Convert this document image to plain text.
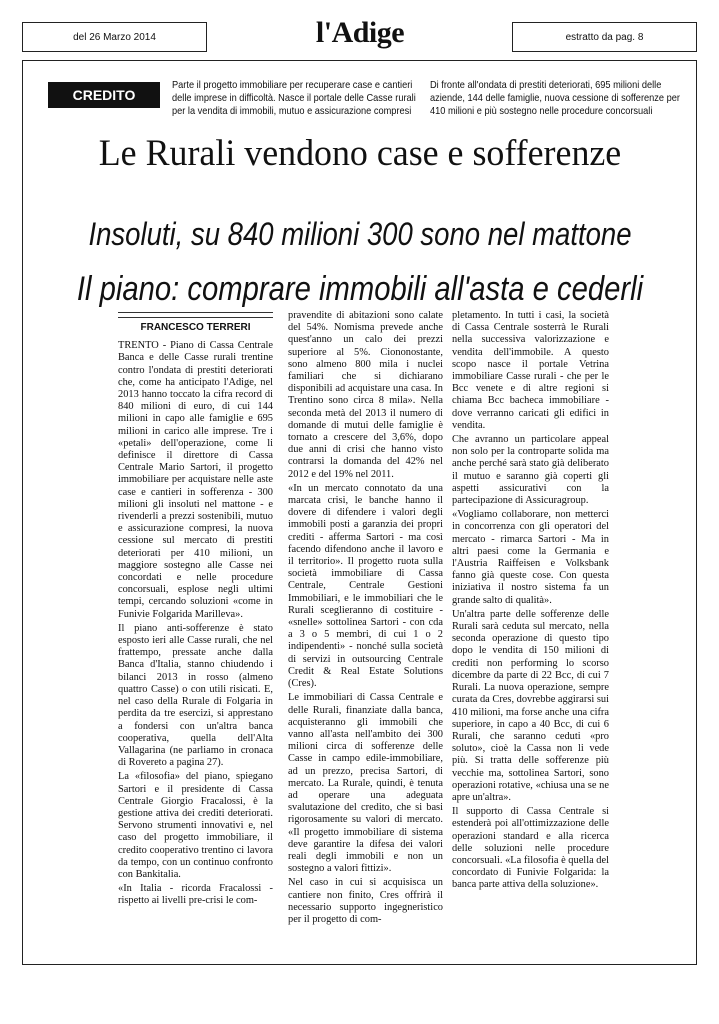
del 26 Marzo 2014	l'Adige	estratto da pag. 8
CREDITO
Parte il progetto immobiliare per recuperare case e cantieri delle imprese in difficoltà. Nasce il portale delle Casse rurali per la vendita di immobili, mutuo e assicurazione compresi
Di fronte all'ondata di prestiti deteriorati, 695 milioni delle aziende, 144 delle famiglie, nuova cessione di sofferenze per 410 milioni e più sostegno nelle procedure concorsuali
Le Rurali vendono case e sofferenze
Insoluti, su 840 milioni 300 sono nel mattone
Il piano: comprare immobili all'asta e cederli
FRANCESCO TERRERI

TRENTO - Piano di Cassa Centrale Banca e delle Casse rurali trentine contro l'ondata di prestiti deteriorati che, come ha anticipato l'Adige, nel 2013 hanno toccato la cifra record di 840 milioni di euro, di cui 144 milioni in capo alle famiglie e 695 milioni in carico alle imprese. Tre i «petali» dell'operazione, come li definisce il direttore di Cassa Centrale Mario Sartori, il progetto immobiliare per acquistare nelle aste case e cantieri in sofferenza - 300 milioni gli insoluti nel mattone - e rivenderli a prezzi sostenibili, mutuo e assicurazione compresi, la nuova cessione sul mercato di prestiti deteriorati per 410 milioni, un maggiore sostegno alle Casse nei concordati e nelle procedure concorsuali, esplose negli ultimi tempi, cercando soluzioni «come in Funivie Folgarida Marilleva».

Il piano anti-sofferenze è stato esposto ieri alle Casse rurali, che nel frattempo, pressate anche dalla Banca d'Italia, stanno chiudendo i bilanci 2013 in rosso (almeno quattro Casse) o con utili risicati. E, nel caso della Rurale di Folgaria in perdita da tre esercizi, si apprestano a fondersi con un'altra banca cooperativa, quella dell'Alta Vallagarina (ne parliamo in cronaca di Rovereto a pagina 27).

La «filosofia» del piano, spiegano Sartori e il presidente di Cassa Centrale Giorgio Fracalossi, è la gestione attiva dei crediti deteriorati. Servono strumenti innovativi e, nel caso del progetto immobiliare, il credito cooperativo trentino ci lavora da tempo, con un continuo confronto con Bankitalia.

«In Italia - ricorda Fracalossi - rispetto ai livelli pre-crisi le com-

pravendite di abitazioni sono calate del 54%. Nomisma prevede anche quest'anno un calo dei prezzi superiore al 5%. Ciononostante, sono almeno 800 mila i nuclei familiari che si dichiarano disponibili ad acquistare una casa. In Trentino sono circa 8 mila». Nella seconda metà del 2013 il numero di domande di mutui delle famiglie è tornato a crescere del 3,6%, dopo due anni di crisi che hanno visto contrarsi la domanda del 42% nel 2012 e del 19% nel 2011.

«In un mercato connotato da una marcata crisi, le banche hanno il dovere di difendere i valori degli immobili posti a garanzia dei propri crediti - afferma Sartori - ma così facendo difendono anche il lavoro e il territorio». Il progetto ruota sulla società immobiliare di Cassa Centrale, Centrale Gestioni Immobiliari, e le immobiliari che le Rurali sceglieranno di costituire - «snelle» sottolinea Sartori - con cda a 3 o 5 membri, di cui 1 o 2 indipendenti» - nonché sulla società di servizi in outsourcing Centrale Credit & Real Estate Solutions (Cres).

Le immobiliari di Cassa Centrale e delle Rurali, finanziate dalla banca, acquisteranno gli immobili che vanno all'asta nell'ambito dei 300 milioni circa di sofferenze delle Casse in campo edile-immobiliare, ad un prezzo, precisa Sartori, di mercato. La Rurale, quindi, è tenuta ad operare una adeguata svalutazione del credito, che si basi rigorosamente su valori di mercato. «Il progetto immobiliare di sistema deve garantire la difesa dei valori reali degli immobili e non un sostegno a valori fittizi».

Nel caso in cui si acquisisca un cantiere non finito, Cres offrirà il necessario supporto ingegneristico per il progetto di com-

pletamento. In tutti i casi, la società di Cassa Centrale sosterrà le Rurali nella successiva valorizzazione e vendita dell'immobile. A questo scopo nasce il portale Vetrina immobiliare Casse rurali - che per le Bcc venete e di altre regioni si chiama Bcc bacheca immobiliare - dove verranno caricati gli edifici in vendita.

Che avranno un particolare appeal non solo per la controparte solida ma anche perché sarà stato già deliberato il mutuo e saranno già coperti gli aspetti assicurativi con la partecipazione di Assicuragroup.

«Vogliamo collaborare, non metterci in concorrenza con gli operatori del mercato - rimarca Sartori - Ma in altri paesi come la Germania e l'Austria Raiffeisen e Volksbank fanno già queste cose. Con questa iniziativa il nostro sistema fa un grande salto di qualità».

Un'altra parte delle sofferenze delle Rurali sarà ceduta sul mercato, nella seconda operazione di questo tipo dopo le vendita di 150 milioni di crediti non performing lo scorso dicembre da parte di 22 Bcc, di cui 7 Rurali. La nuova operazione, sempre curata da Cres, dovrebbe aggirarsi sui 410 milioni, ma forse anche una cifra superiore, in capo a 40 Bcc, di cui 6 Rurali, che saranno ceduti «pro soluto», cioè la Cassa non li vede più. Si tratta delle sofferenze più vecchie ma, sottolinea Sartori, sono operazioni rotative, «chiusa una se ne apre un'altra».

Il supporto di Cassa Centrale si estenderà poi all'ottimizzazione delle operazioni standard e alla ricerca delle soluzioni nelle procedure concorsuali. «La filosofia è quella del concordato di Funivie Folgarida: la banca parte attiva della soluzione».
